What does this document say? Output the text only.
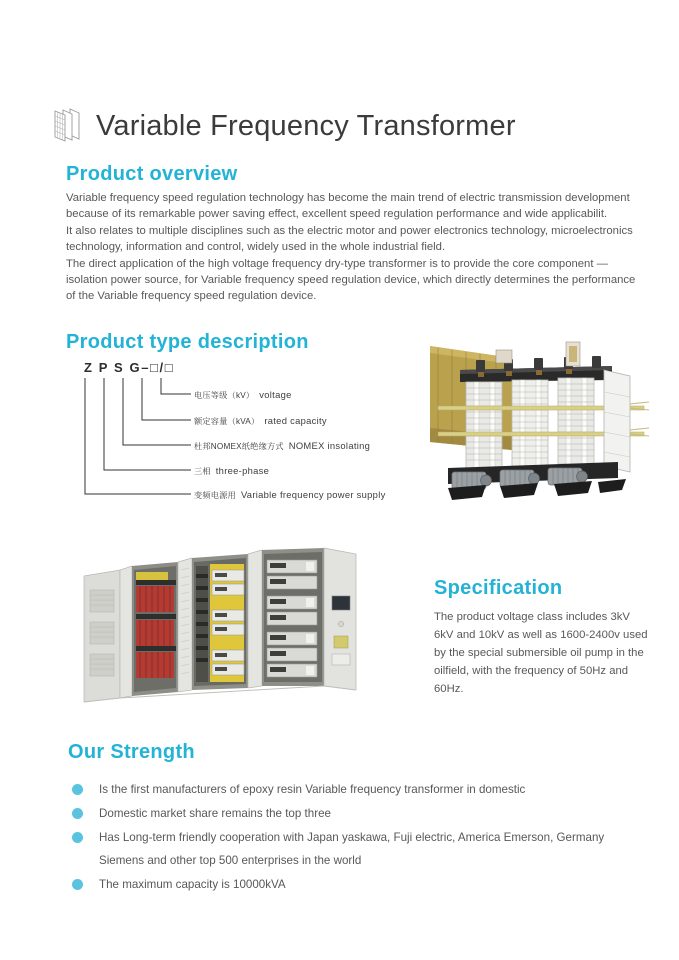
Variable Frequency Transformer
Product overview

Variable frequency speed regulation technology has become the main trend of electric transmission development because of its remarkable power saving effect, excellent speed regulation performance and wide applicabilit.

It also relates to multiple disciplines such as the electric motor and power electronics technology, microelectronics technology, information and control, widely used in the whole industrial field.

The direct application of the high voltage frequency dry-type transformer is to provide the core component —isolation power source, for Variable frequency speed regulation device, which directly determines the performance of the Variable frequency speed regulation device.

Product type description
Z P S G–□/□
电压等级（kV） voltage
额定容量（kVA） rated capacity
杜邦NOMEX纸绝缘方式 NOMEX insolating
三相 three-phase
变频电源用 Variable frequency power supply
Specification
The product voltage class includes 3kV 6kV and 10kV as well as 1600-2400v used by the special submersible oil pump in the oilfield, with the frequency of 50Hz and 60Hz.
Our Strength
Is the first manufacturers of epoxy resin Variable frequency transformer in domestic
Domestic market share remains the top three
Has Long-term friendly cooperation with Japan yaskawa, Fuji electric, America Emerson, Germany Siemens and other top 500 enterprises in the world
The maximum capacity is 10000kVA
